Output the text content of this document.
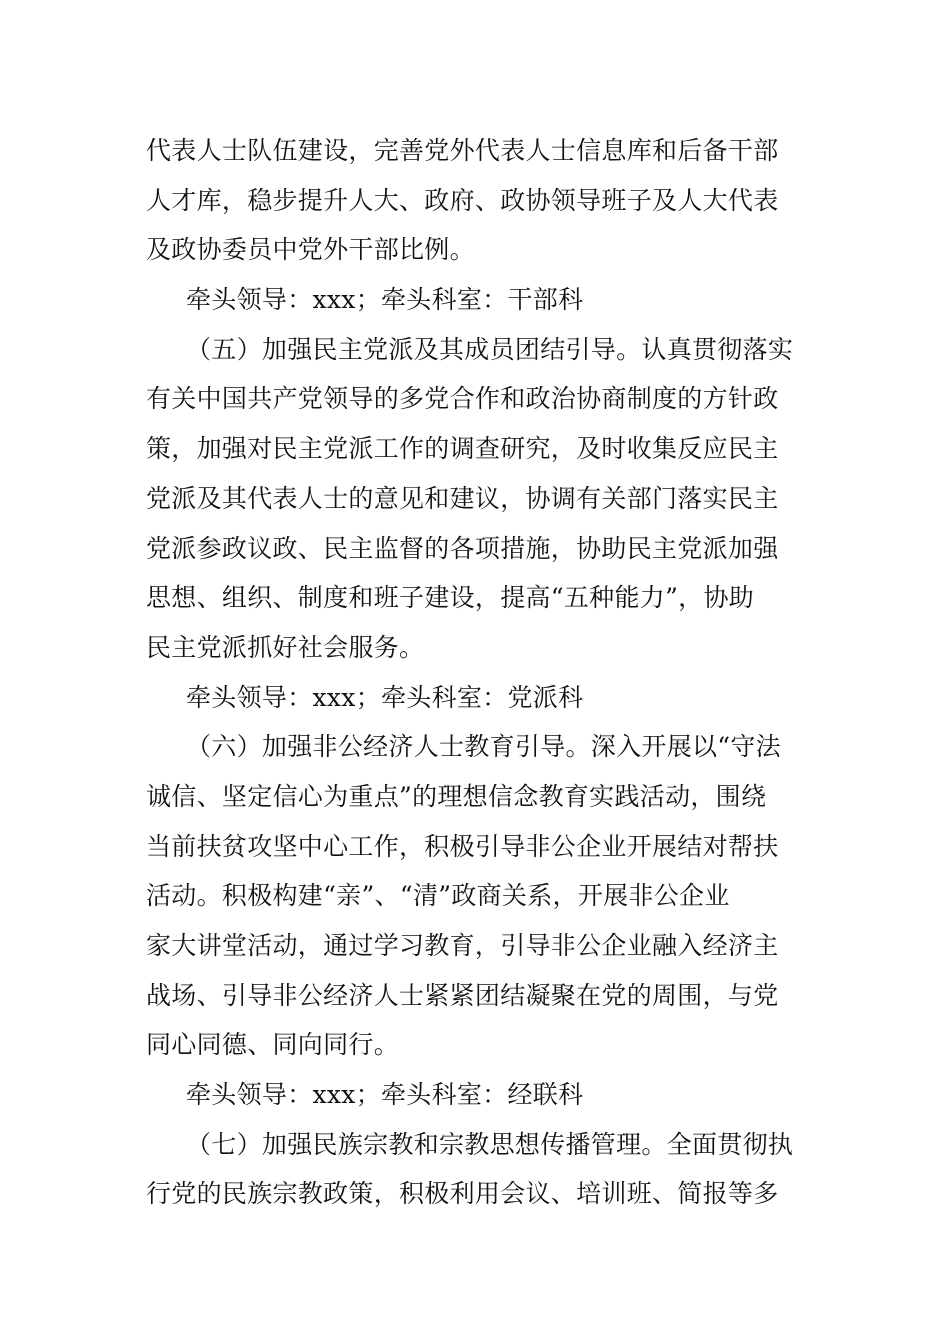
代表人士队伍建设，完善党外代表人士信息库和后备干部
人才库，稳步提升人大、政府、政协领导班子及人大代表
及政协委员中党外干部比例。
牵头领导：xxx；牵头科室：干部科
（五）加强民主党派及其成员团结引导。认真贯彻落实
有关中国共产党领导的多党合作和政治协商制度的方针政
策，加强对民主党派工作的调查研究，及时收集反应民主
党派及其代表人士的意见和建议，协调有关部门落实民主
党派参政议政、民主监督的各项措施，协助民主党派加强
思想、组织、制度和班子建设，提高“五种能力”，协助
民主党派抓好社会服务。
牵头领导：xxx；牵头科室：党派科
（六）加强非公经济人士教育引导。深入开展以“守法
诚信、坚定信心为重点”的理想信念教育实践活动，围绕
当前扶贫攻坚中心工作，积极引导非公企业开展结对帮扶
活动。积极构建“亲”、“清”政商关系，开展非公企业
家大讲堂活动，通过学习教育，引导非公企业融入经济主
战场、引导非公经济人士紧紧团结凝聚在党的周围，与党
同心同德、同向同行。
牵头领导：xxx；牵头科室：经联科
（七）加强民族宗教和宗教思想传播管理。全面贯彻执
行党的民族宗教政策，积极利用会议、培训班、简报等多
